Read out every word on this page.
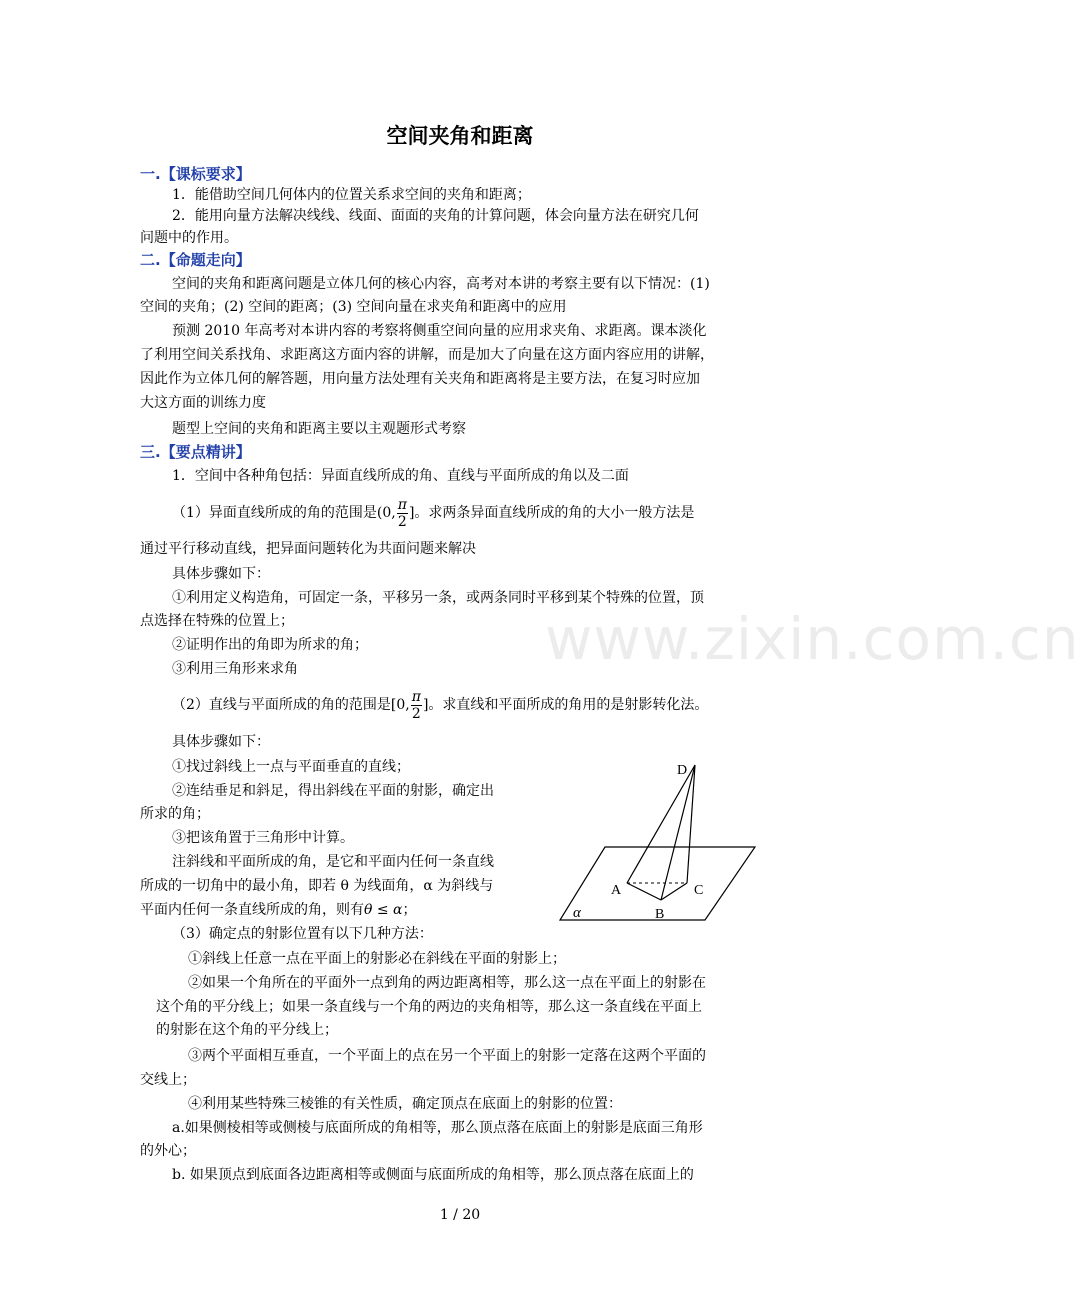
www.zixin.com.cn
空间夹角和距离
一.【课标要求】
1．能借助空间几何体内的位置关系求空间的夹角和距离；
2．能用向量方法解决线线、线面、面面的夹角的计算问题，体会向量方法在研究几何
问题中的作用。
二.【命题走向】
空间的夹角和距离问题是立体几何的核心内容，高考对本讲的考察主要有以下情况：(1)
空间的夹角；(2) 空间的距离；(3) 空间向量在求夹角和距离中的应用
预测 2010 年高考对本讲内容的考察将侧重空间向量的应用求夹角、求距离。课本淡化
了利用空间关系找角、求距离这方面内容的讲解，而是加大了向量在这方面内容应用的讲解，
因此作为立体几何的解答题，用向量方法处理有关夹角和距离将是主要方法，在复习时应加
大这方面的训练力度
题型上空间的夹角和距离主要以主观题形式考察
三.【要点精讲】
1．空间中各种角包括：异面直线所成的角、直线与平面所成的角以及二面
（1）异面直线所成的角的范围是(0, $\frac{\pi}{2}$ ]。求两条异面直线所成的角的大小一般方法是
通过平行移动直线，把异面问题转化为共面问题来解决
具体步骤如下：
①利用定义构造角，可固定一条，平移另一条，或两条同时平移到某个特殊的位置，顶
点选择在特殊的位置上；
②证明作出的角即为所求的角；
③利用三角形来求角
（2）直线与平面所成的角的范围是[0, $\frac{\pi}{2}$ ]。求直线和平面所成的角用的是射影转化法。
具体步骤如下：
①找过斜线上一点与平面垂直的直线；
②连结垂足和斜足，得出斜线在平面的射影，确定出
所求的角；
③把该角置于三角形中计算。
注斜线和平面所成的角，是它和平面内任何一条直线
所成的一切角中的最小角，即若 θ 为线面角，α 为斜线与
平面内任何一条直线所成的角，则有θ ≤ α；
D
A
B
C
α
（3）确定点的射影位置有以下几种方法：
①斜线上任意一点在平面上的射影必在斜线在平面的射影上；
②如果一个角所在的平面外一点到角的两边距离相等，那么这一点在平面上的射影在
这个角的平分线上；如果一条直线与一个角的两边的夹角相等，那么这一条直线在平面上
的射影在这个角的平分线上；
③两个平面相互垂直，一个平面上的点在另一个平面上的射影一定落在这两个平面的
交线上；
④利用某些特殊三棱锥的有关性质，确定顶点在底面上的射影的位置：
a.如果侧棱相等或侧棱与底面所成的角相等，那么顶点落在底面上的射影是底面三角形
的外心；
b. 如果顶点到底面各边距离相等或侧面与底面所成的角相等，那么顶点落在底面上的
1 / 20
